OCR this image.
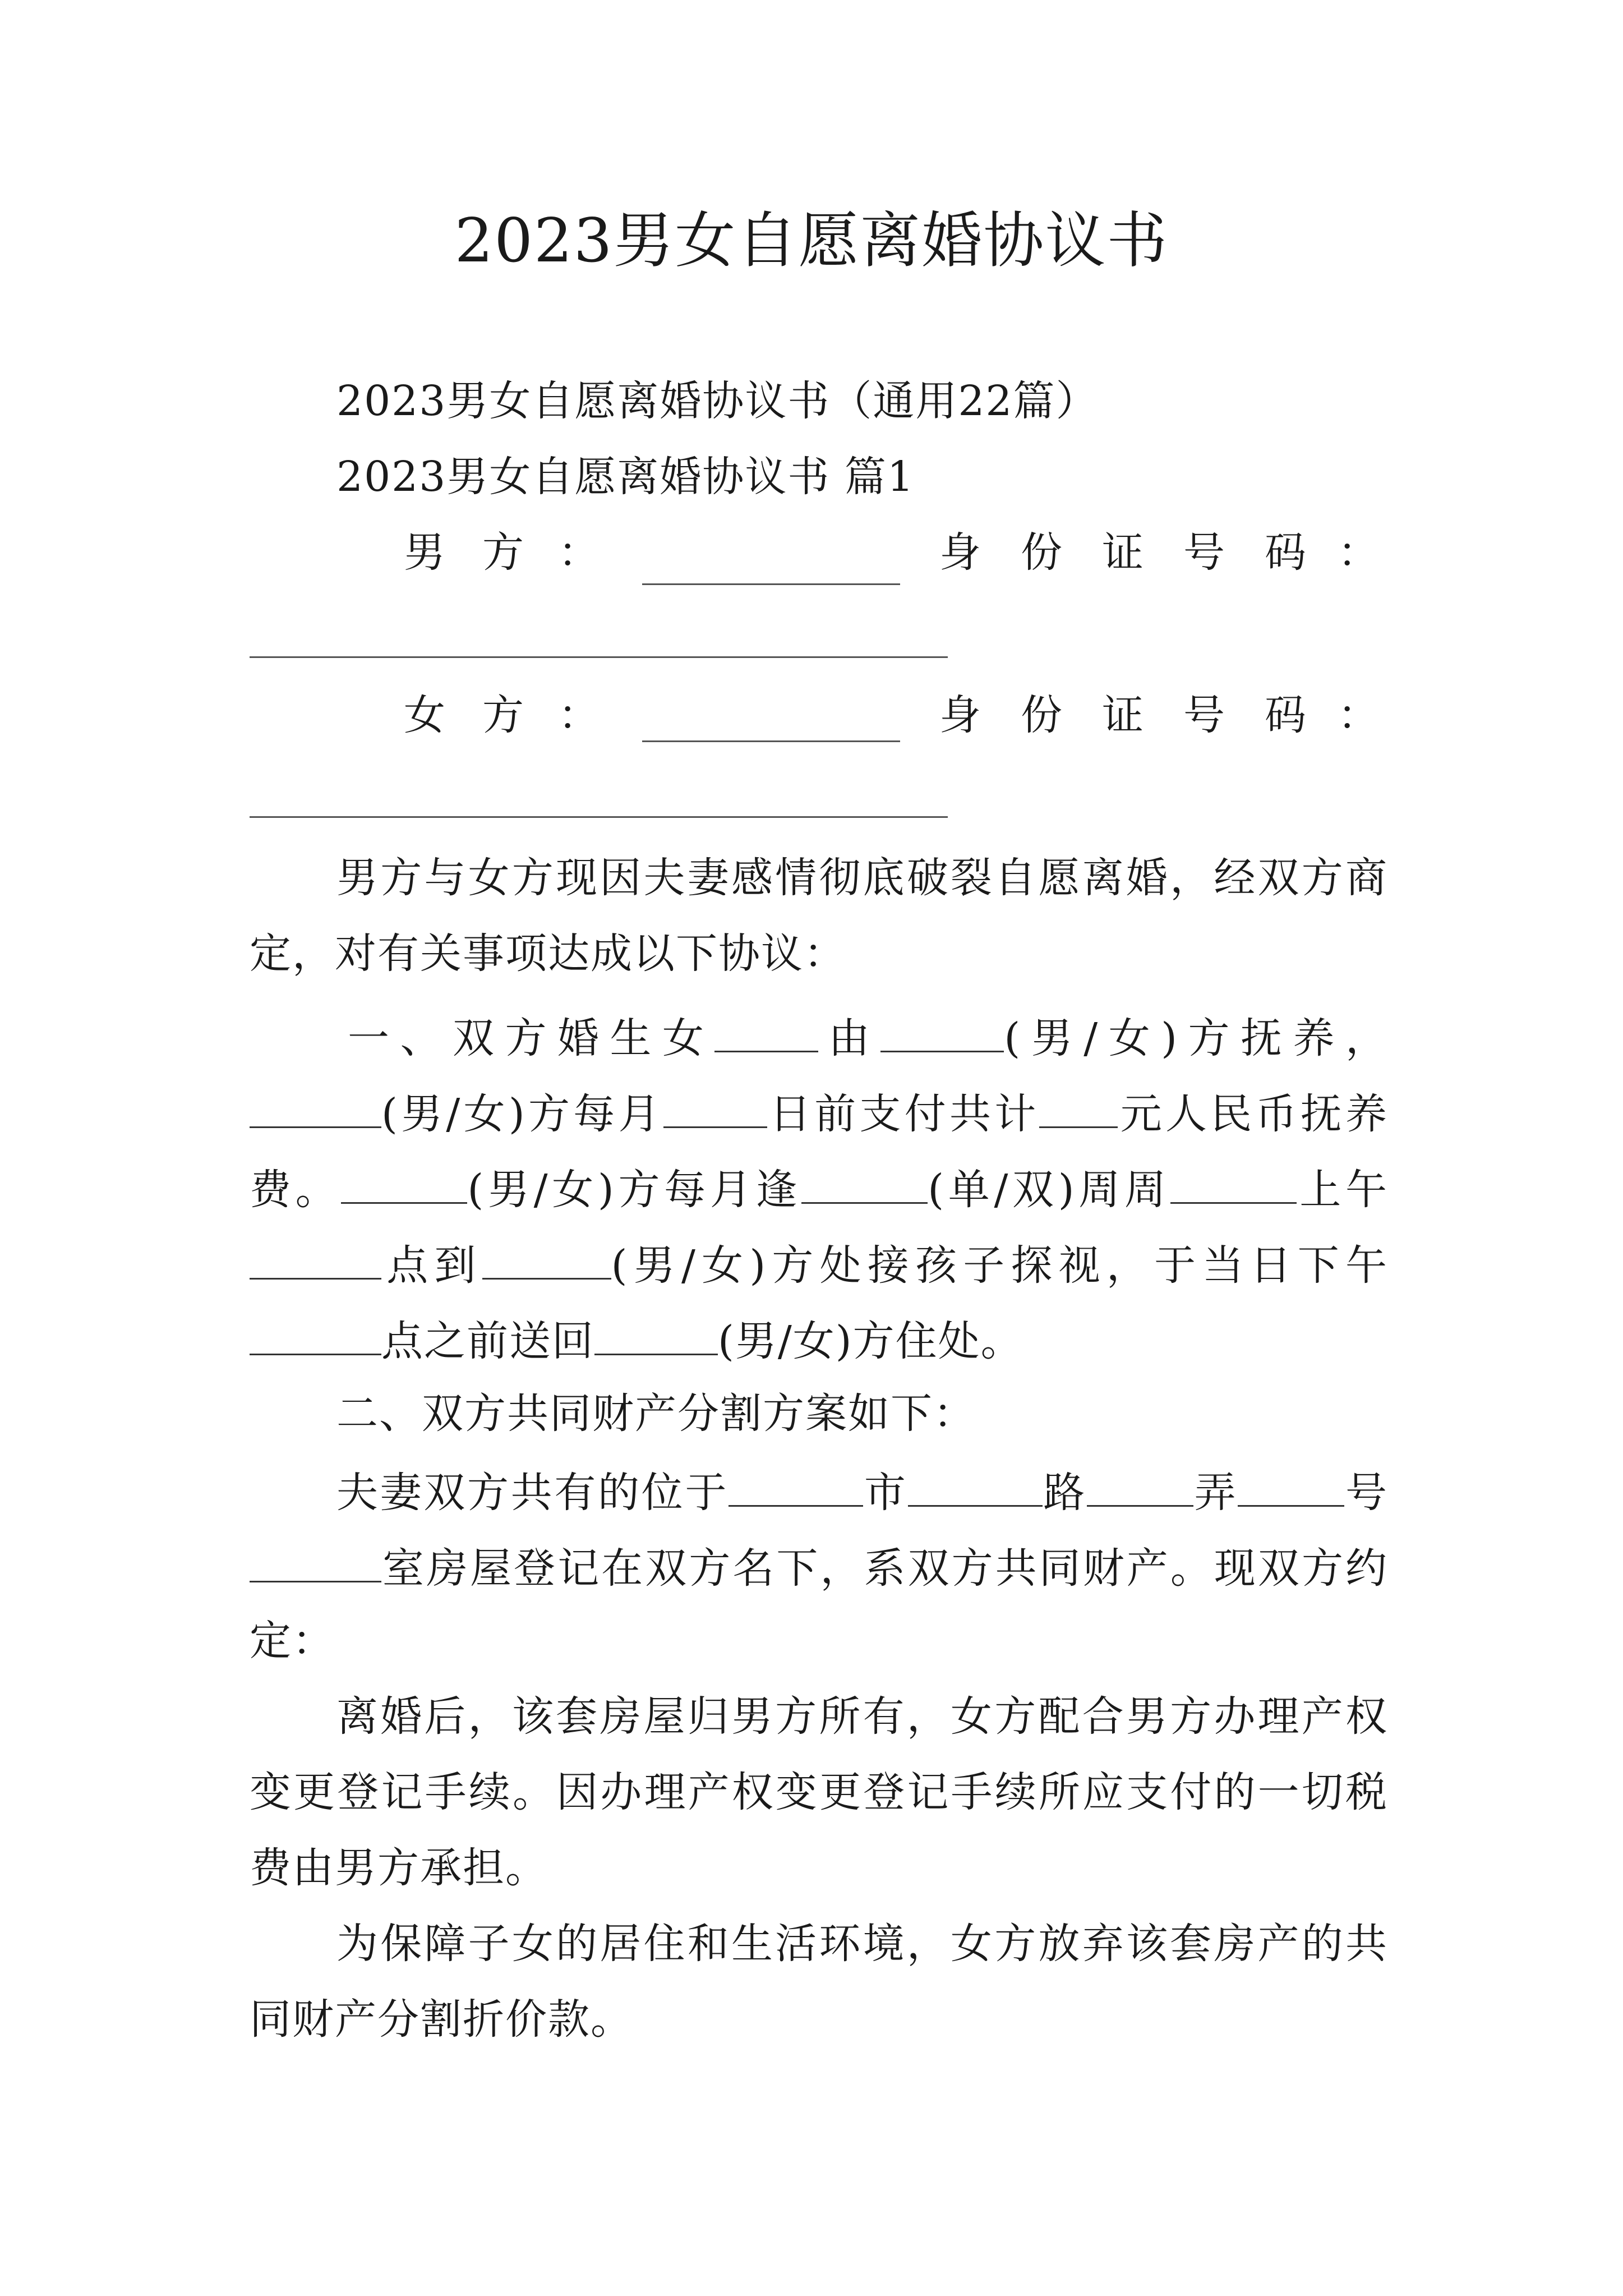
2023男女自愿离婚协议书
2023男女自愿离婚协议书（通用22篇）
2023男女自愿离婚协议书 篇1
男 方 ：	身 份 证 号 码 ：
女 方 ：	身 份 证 号 码 ：
男方与女方现因夫妻感情彻底破裂自愿离婚，经双方商
定，对有关事项达成以下协议：
一、双方婚生女	由	(男/女)方抚养，
(男/女)方每月	日前支付共计 元人民币抚养
费。	(男/女)方每月逢	(单/双)周周	上午
点到	(男/女)方处接孩子探视，于当日下午
点之前送回	(男/女)方住处。
二、双方共同财产分割方案如下：
夫妻双方共有的位于	市	路	弄	号
室房屋登记在双方名下，系双方共同财产。现双方约
定：
离婚后，该套房屋归男方所有，女方配合男方办理产权
变更登记手续。因办理产权变更登记手续所应支付的一切税
费由男方承担。
为保障子女的居住和生活环境，女方放弃该套房产的共
同财产分割折价款。
